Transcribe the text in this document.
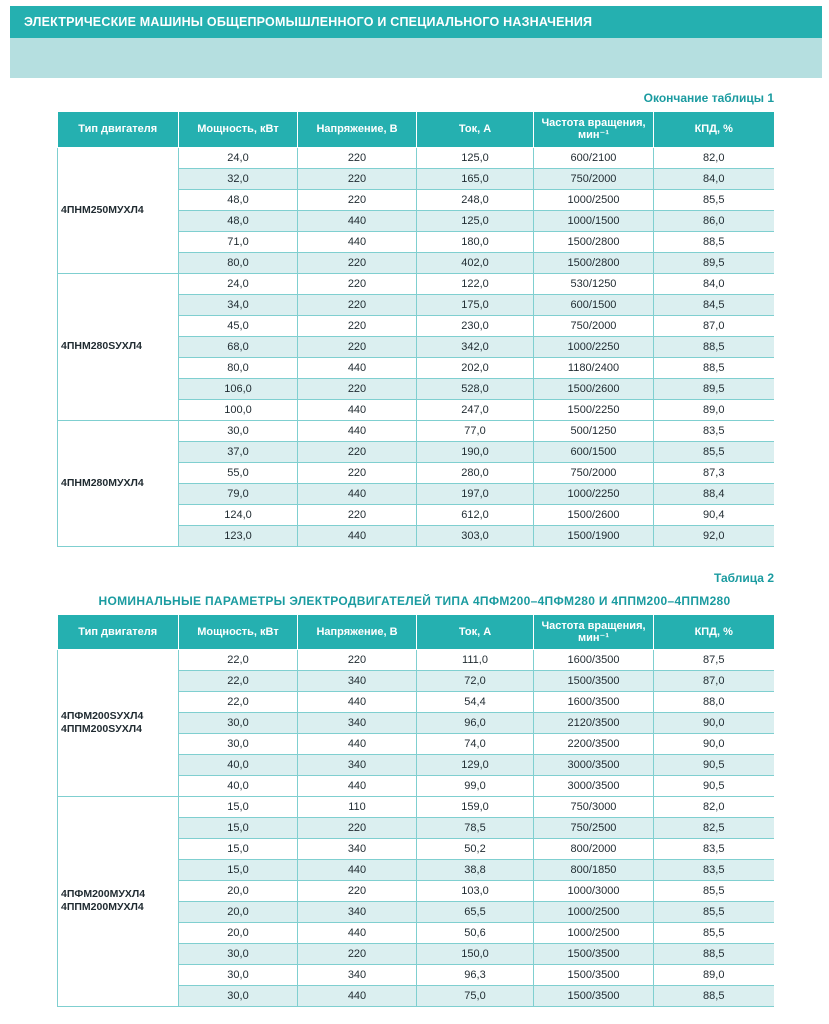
ЭЛЕКТРИЧЕСКИЕ МАШИНЫ ОБЩЕПРОМЫШЛЕННОГО И СПЕЦИАЛЬНОГО НАЗНАЧЕНИЯ
Окончание таблицы 1
Тип двигателя	Мощность, кВт	Напряжение, В	Ток, А	Частота вращения, мин⁻¹	КПД, %

4ПНМ250МУХЛ4	24,0	220	125,0	600/2100	82,0
	32,0	220	165,0	750/2000	84,0
	48,0	220	248,0	1000/2500	85,5
	48,0	440	125,0	1000/1500	86,0
	71,0	440	180,0	1500/2800	88,5
	80,0	220	402,0	1500/2800	89,5

4ПНМ280SУХЛ4	24,0	220	122,0	530/1250	84,0
	34,0	220	175,0	600/1500	84,5
	45,0	220	230,0	750/2000	87,0
	68,0	220	342,0	1000/2250	88,5
	80,0	440	202,0	1180/2400	88,5
	106,0	220	528,0	1500/2600	89,5
	100,0	440	247,0	1500/2250	89,0

4ПНМ280МУХЛ4	30,0	440	77,0	500/1250	83,5
	37,0	220	190,0	600/1500	85,5
	55,0	220	280,0	750/2000	87,3
	79,0	440	197,0	1000/2250	88,4
	124,0	220	612,0	1500/2600	90,4
	123,0	440	303,0	1500/1900	92,0
Таблица 2
НОМИНАЛЬНЫЕ ПАРАМЕТРЫ ЭЛЕКТРОДВИГАТЕЛЕЙ ТИПА 4ПФМ200–4ПФМ280 И 4ППМ200–4ППМ280
Тип двигателя	Мощность, кВт	Напряжение, В	Ток, А	Частота вращения, мин⁻¹	КПД, %

4ПФМ200SУХЛ4
4ППМ200SУХЛ4	22,0	220	111,0	1600/3500	87,5
	22,0	340	72,0	1500/3500	87,0
	22,0	440	54,4	1600/3500	88,0
	30,0	340	96,0	2120/3500	90,0
	30,0	440	74,0	2200/3500	90,0
	40,0	340	129,0	3000/3500	90,5
	40,0	440	99,0	3000/3500	90,5

4ПФМ200МУХЛ4
4ППМ200МУХЛ4	15,0	110	159,0	750/3000	82,0
	15,0	220	78,5	750/2500	82,5
	15,0	340	50,2	800/2000	83,5
	15,0	440	38,8	800/1850	83,5
	20,0	220	103,0	1000/3000	85,5
	20,0	340	65,5	1000/2500	85,5
	20,0	440	50,6	1000/2500	85,5
	30,0	220	150,0	1500/3500	88,5
	30,0	340	96,3	1500/3500	89,0
	30,0	440	75,0	1500/3500	88,5
